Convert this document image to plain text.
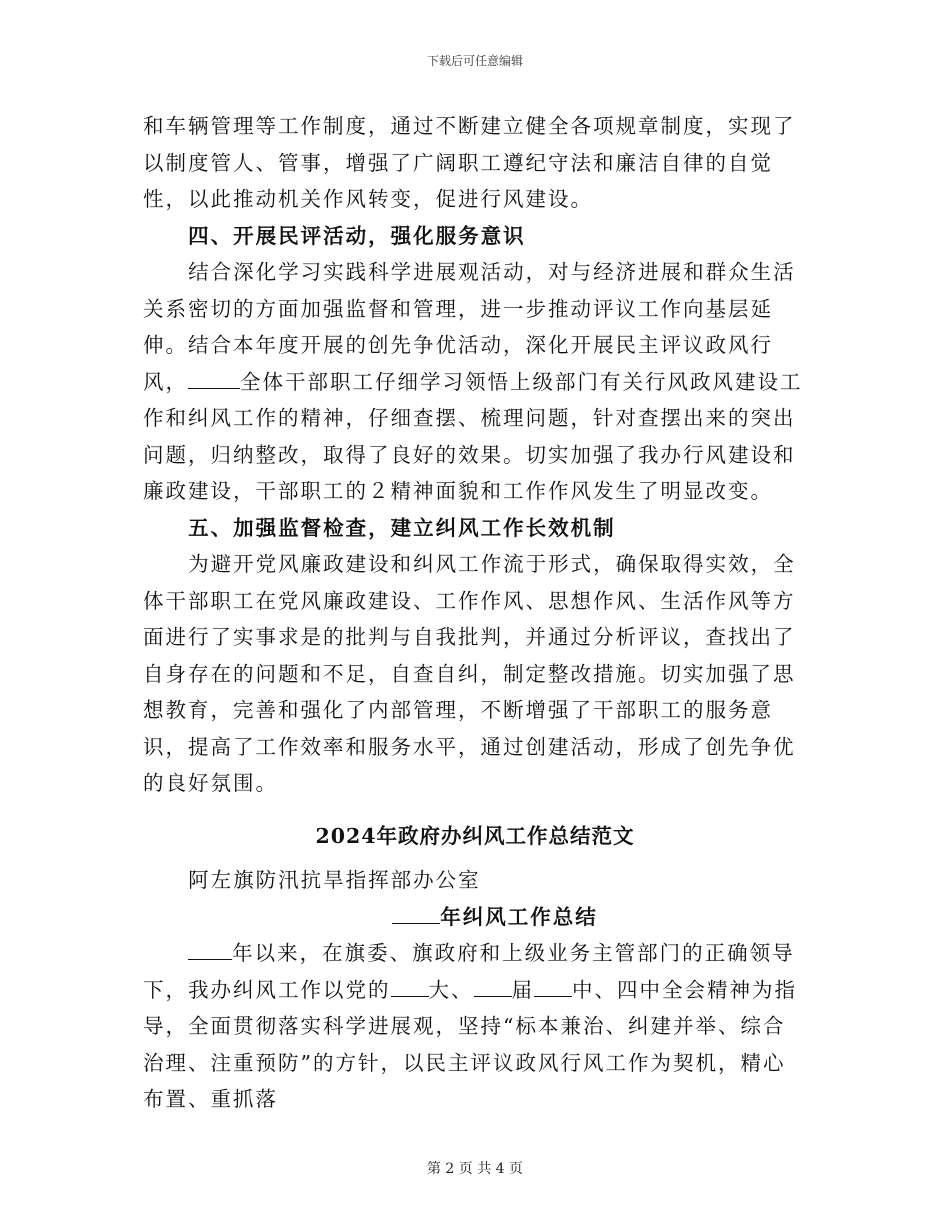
下载后可任意编辑

和车辆管理等工作制度，通过不断建立健全各项规章制度，实现了以制度管人、管事，增强了广阔职工遵纪守法和廉洁自律的自觉性，以此推动机关作风转变，促进行风建设。

四、开展民评活动，强化服务意识

结合深化学习实践科学进展观活动，对与经济进展和群众生活关系密切的方面加强监督和管理，进一步推动评议工作向基层延伸。结合本年度开展的创先争优活动，深化开展民主评议政风行风，	全体干部职工仔细学习领悟上级部门有关行风政风建设工作和纠风工作的精神，仔细查摆、梳理问题，针对查摆出来的突出问题，归纳整改，取得了良好的效果。切实加强了我办行风建设和廉政建设，干部职工的２精神面貌和工作作风发生了明显改变。

五、加强监督检查，建立纠风工作长效机制

为避开党风廉政建设和纠风工作流于形式，确保取得实效，全体干部职工在党风廉政建设、工作作风、思想作风、生活作风等方面进行了实事求是的批判与自我批判，并通过分析评议，查找出了自身存在的问题和不足，自查自纠，制定整改措施。切实加强了思想教育，完善和强化了内部管理，不断增强了干部职工的服务意识，提高了工作效率和服务水平，通过创建活动，形成了创先争优的良好氛围。

2024年政府办纠风工作总结范文

阿左旗防汛抗旱指挥部办公室

年纠风工作总结

年以来，在旗委、旗政府和上级业务主管部门的正确领导下，我办纠风工作以党的 大、 届 中、四中全会精神为指导，全面贯彻落实科学进展观，坚持“标本兼治、纠建并举、综合治理、注重预防”的方针，以民主评议政风行风工作为契机，精心布置、重抓落

第 2 页 共 4 页
